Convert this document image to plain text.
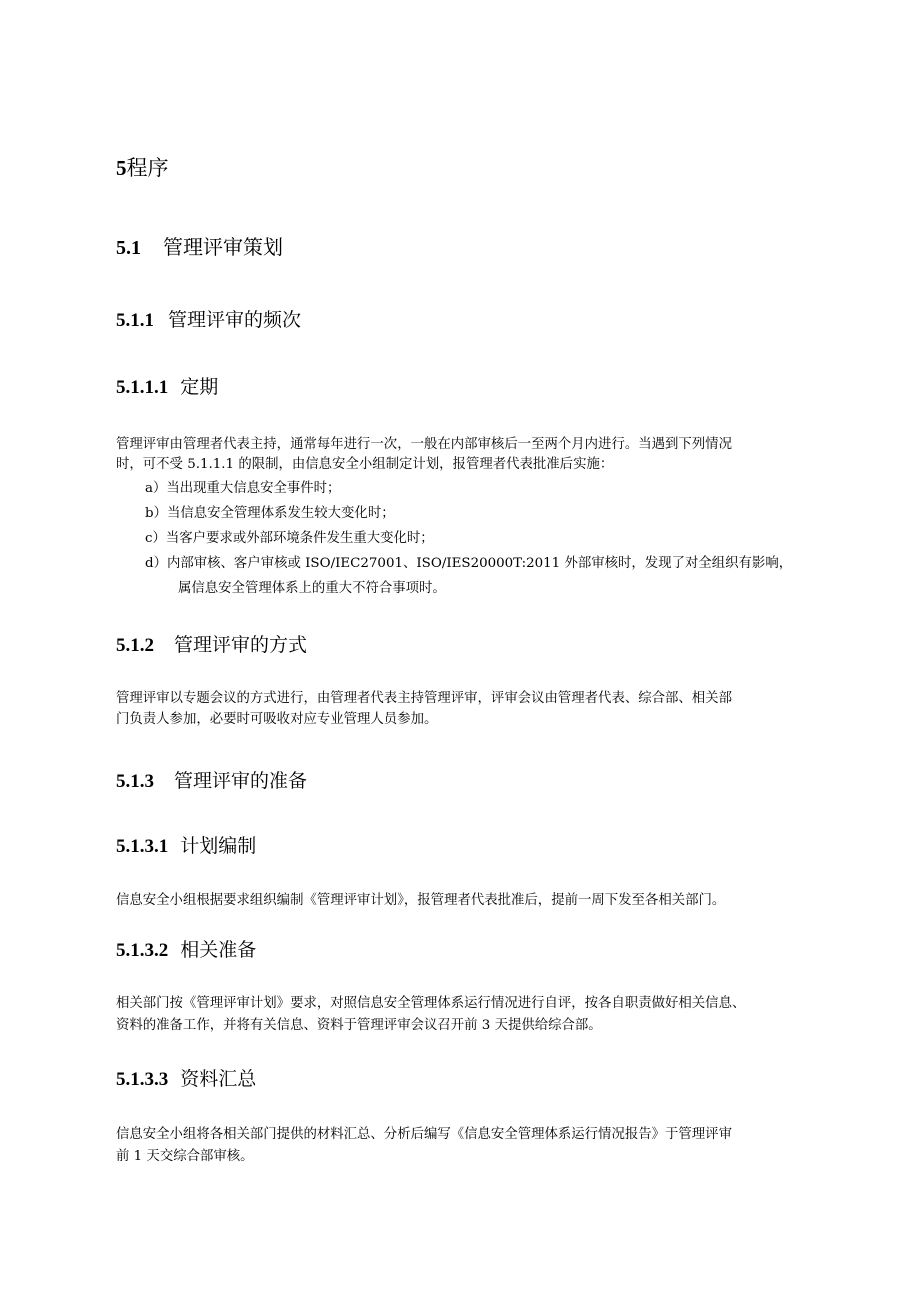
5程序
5.1 管理评审策划
5.1.1 管理评审的频次
5.1.1.1 定期
管理评审由管理者代表主持，通常每年进行一次，一般在内部审核后一至两个月内进行。当遇到下列情况
时，可不受 5.1.1.1 的限制，由信息安全小组制定计划，报管理者代表批准后实施：
a）当出现重大信息安全事件时；
b）当信息安全管理体系发生较大变化时；
c）当客户要求或外部环境条件发生重大变化时；
d）内部审核、客户审核或 ISO/IEC27001、ISO/IES20000T:2011 外部审核时，发现了对全组织有影响，
属信息安全管理体系上的重大不符合事项时。
5.1.2 管理评审的方式
管理评审以专题会议的方式进行，由管理者代表主持管理评审，评审会议由管理者代表、综合部、相关部
门负责人参加，必要时可吸收对应专业管理人员参加。
5.1.3 管理评审的准备
5.1.3.1 计划编制
信息安全小组根据要求组织编制《管理评审计划》，报管理者代表批准后，提前一周下发至各相关部门。
5.1.3.2 相关准备
相关部门按《管理评审计划》要求，对照信息安全管理体系运行情况进行自评，按各自职责做好相关信息、
资料的准备工作，并将有关信息、资料于管理评审会议召开前 3 天提供给综合部。
5.1.3.3 资料汇总
信息安全小组将各相关部门提供的材料汇总、分析后编写《信息安全管理体系运行情况报告》于管理评审
前 1 天交综合部审核。
